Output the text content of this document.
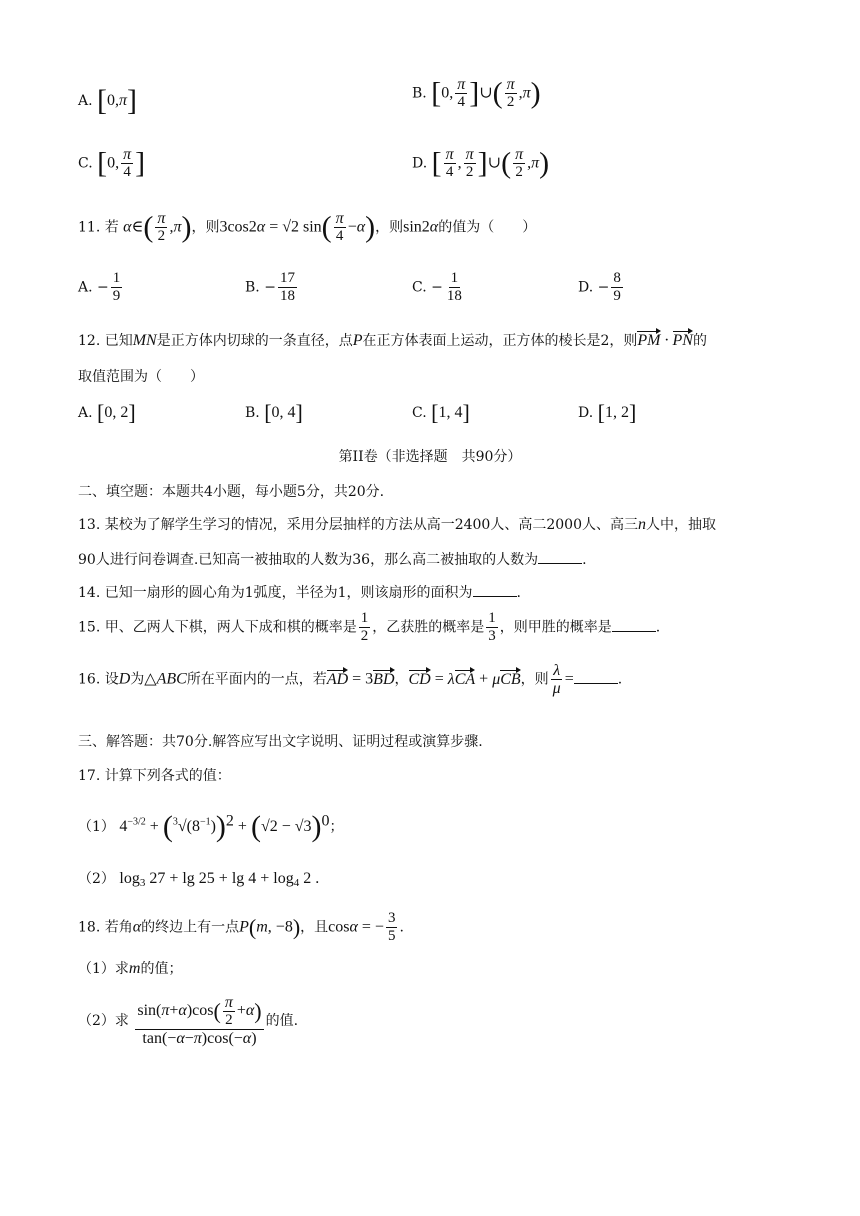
A. [0,π]	B. [0, $\frac{\pi}{4}$ ]∪( $\frac{\pi}{2} ,\pi$)
C. [0, $\frac{\pi}{4}$ ]	D. [ $\frac{\pi}{4}$ , $\frac{\pi}{2}$ ]∪( $\frac{\pi}{2} ,\pi$)
11. 若 α∈( $\frac{\pi}{2} ,\pi$)，则3cos2α = √2 $\sin( \frac{\pi}{4} -\alpha)$，则sin2α的值为（　　）
A. − $\frac{1}{9}$	B. − $\frac{17}{18}$	C. − $\frac{1}{18}$	D. − $\frac{8}{9}$
12. 已知MN是正方体内切球的一条直径，点P在正方体表面上运动，正方体的棱长是2，则PM · PN的
取值范围为（　　）
A. [0, 2]	B. [0, 4]	C. [1, 4]	D. [1, 2]
第II卷（非选择题　共90分）
二、填空题：本题共4小题，每小题5分，共20分.
13. 某校为了解学生学习的情况，采用分层抽样的方法从高一2400人、高二2000人、高三n人中，抽取
90人进行问卷调查.已知高一被抽取的人数为36，那么高二被抽取的人数为	.
14. 已知一扇形的圆心角为1弧度，半径为1，则该扇形的面积为	.
15. 甲、乙两人下棋，两人下成和棋的概率是 $\frac{1}{2}$ ，乙获胜的概率是 $\frac{1}{3}$ ，则甲胜的概率是	.
16. 设D为△ABC所在平面内的一点，若AD = 3BD，CD = λCA + μCB，则 $\frac{\lambda}{\mu}$ =	.
三、解答题：共70分.解答应写出文字说明、证明过程或演算步骤.
17. 计算下列各式的值：
（1） $4^{-3/2} + (^3√(8^{-1}))^2 + (√2 - √3)^0$；
（2） $\log_3 27 + \lg 25 + \lg 4 + \log_4 2$ .
18. 若角α的终边上有一点P(m, −8)，且cosα = − $\frac{3}{5}$ .
（1）求m的值；
（2）求 $\frac{\sin(\pi+\alpha)\cos( \frac{\pi}{2} +\alpha)}{\tan(-\alpha-\pi)\cos(-\alpha)}$ 的值.
